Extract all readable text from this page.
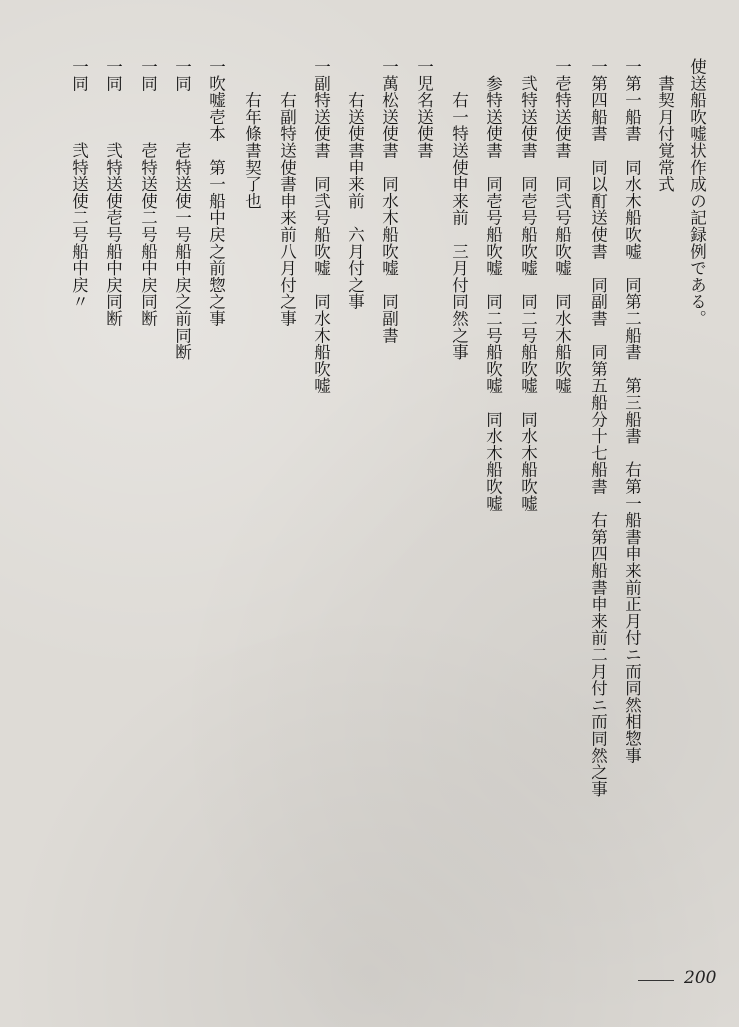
使送船吹嘘状作成の記録例である。
　書契月付覚常式
一第一船書　同水木船吹嘘　同第二船書　第三船書　右第一船書申来前正月付ニ而同然相惣事
一第四船書　同以酊送使書　同副書　同第五船分十七船書　右第四船書申来前二月付ニ而同然之事
一壱特送使書　同弐号船吹嘘　同水木船吹嘘
　弐特送使書　同壱号船吹嘘　同二号船吹嘘　同水木船吹嘘
　参特送使書　同壱号船吹嘘　同二号船吹嘘　同水木船吹嘘
　　右一特送使申来前　三月付同然之事
一児名送使書
一萬松送使書　同水木船吹嘘　同副書
　　右送使書申来前　六月付之事
一副特送使書　同弐号船吹嘘　同水木船吹嘘
　　右副特送使書申来前八月付之事
　　右年條書契了也
一吹嘘壱本　第一船中戻之前惣之事
一同　　　壱特送使一号船中戻之前同断
一同　　　壱特送使二号船中戻同断
一同　　　弐特送使壱号船中戻同断
一同　　　弐特送使二号船中戻〃
200
